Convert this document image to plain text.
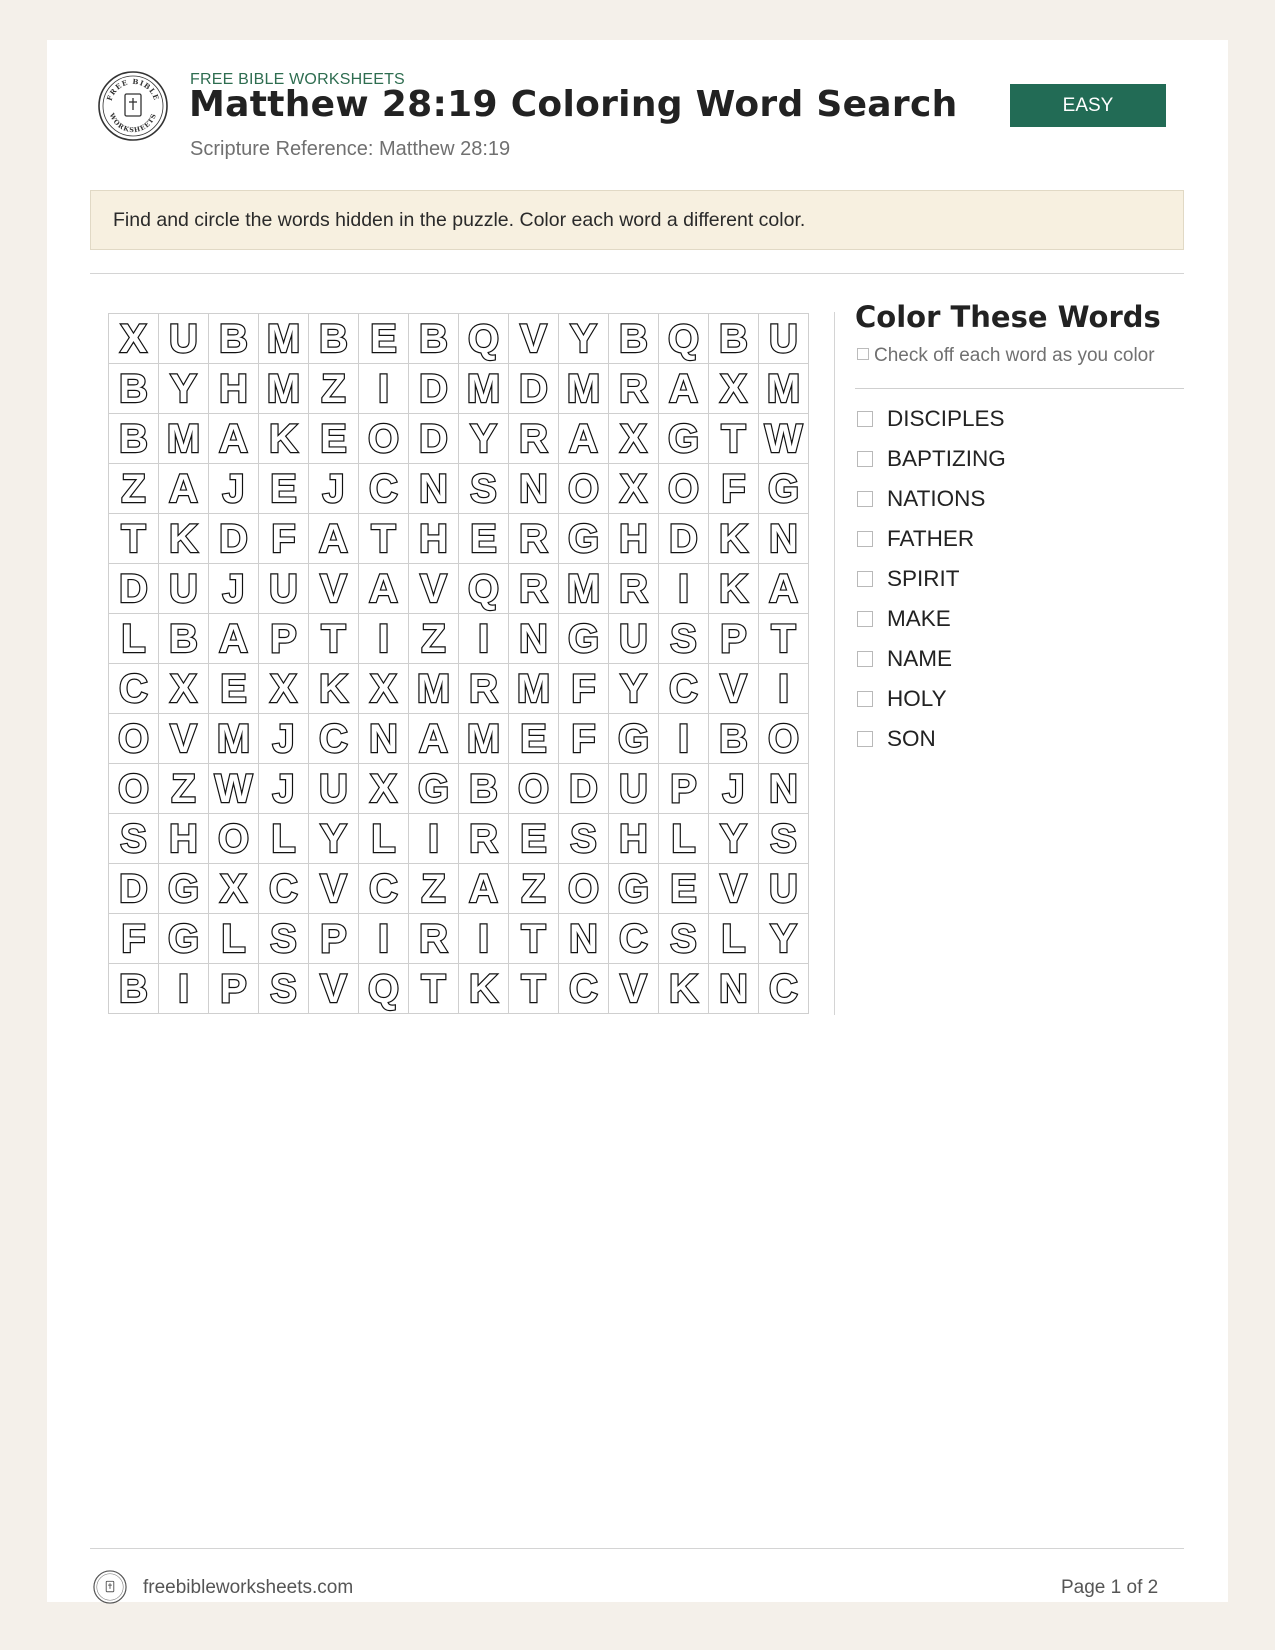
FREE BIBLE
WORKSHEETS
FREE BIBLE WORKSHEETS
Matthew 28:19 Coloring Word Search
Scripture Reference: Matthew 28:19
EASY
Find and circle the words hidden in the puzzle. Color each word a different color.
X U B M B E B Q V Y B Q B U
B Y H M Z I D M D M R A X M
B M A K E O D Y R A X G T W
Z A J E J C N S N O X O F G
T K D F A T H E R G H D K N
D U J U V A V Q R M R I K A
L B A P T I Z I N G U S P T
C X E X K X M R M F Y C V I
O V M J C N A M E F G I B O
O Z W J U X G B O D U P J N
S H O L Y L I R E S H L Y S
D G X C V C Z A Z O G E V U
F G L S P I R I T N C S L Y
B I P S V Q T K T C V K N C
Color These Words
Check off each word as you color
DISCIPLES
BAPTIZING
NATIONS
FATHER
SPIRIT
MAKE
NAME
HOLY
SON
freebibleworksheets.com	Page 1 of 2
